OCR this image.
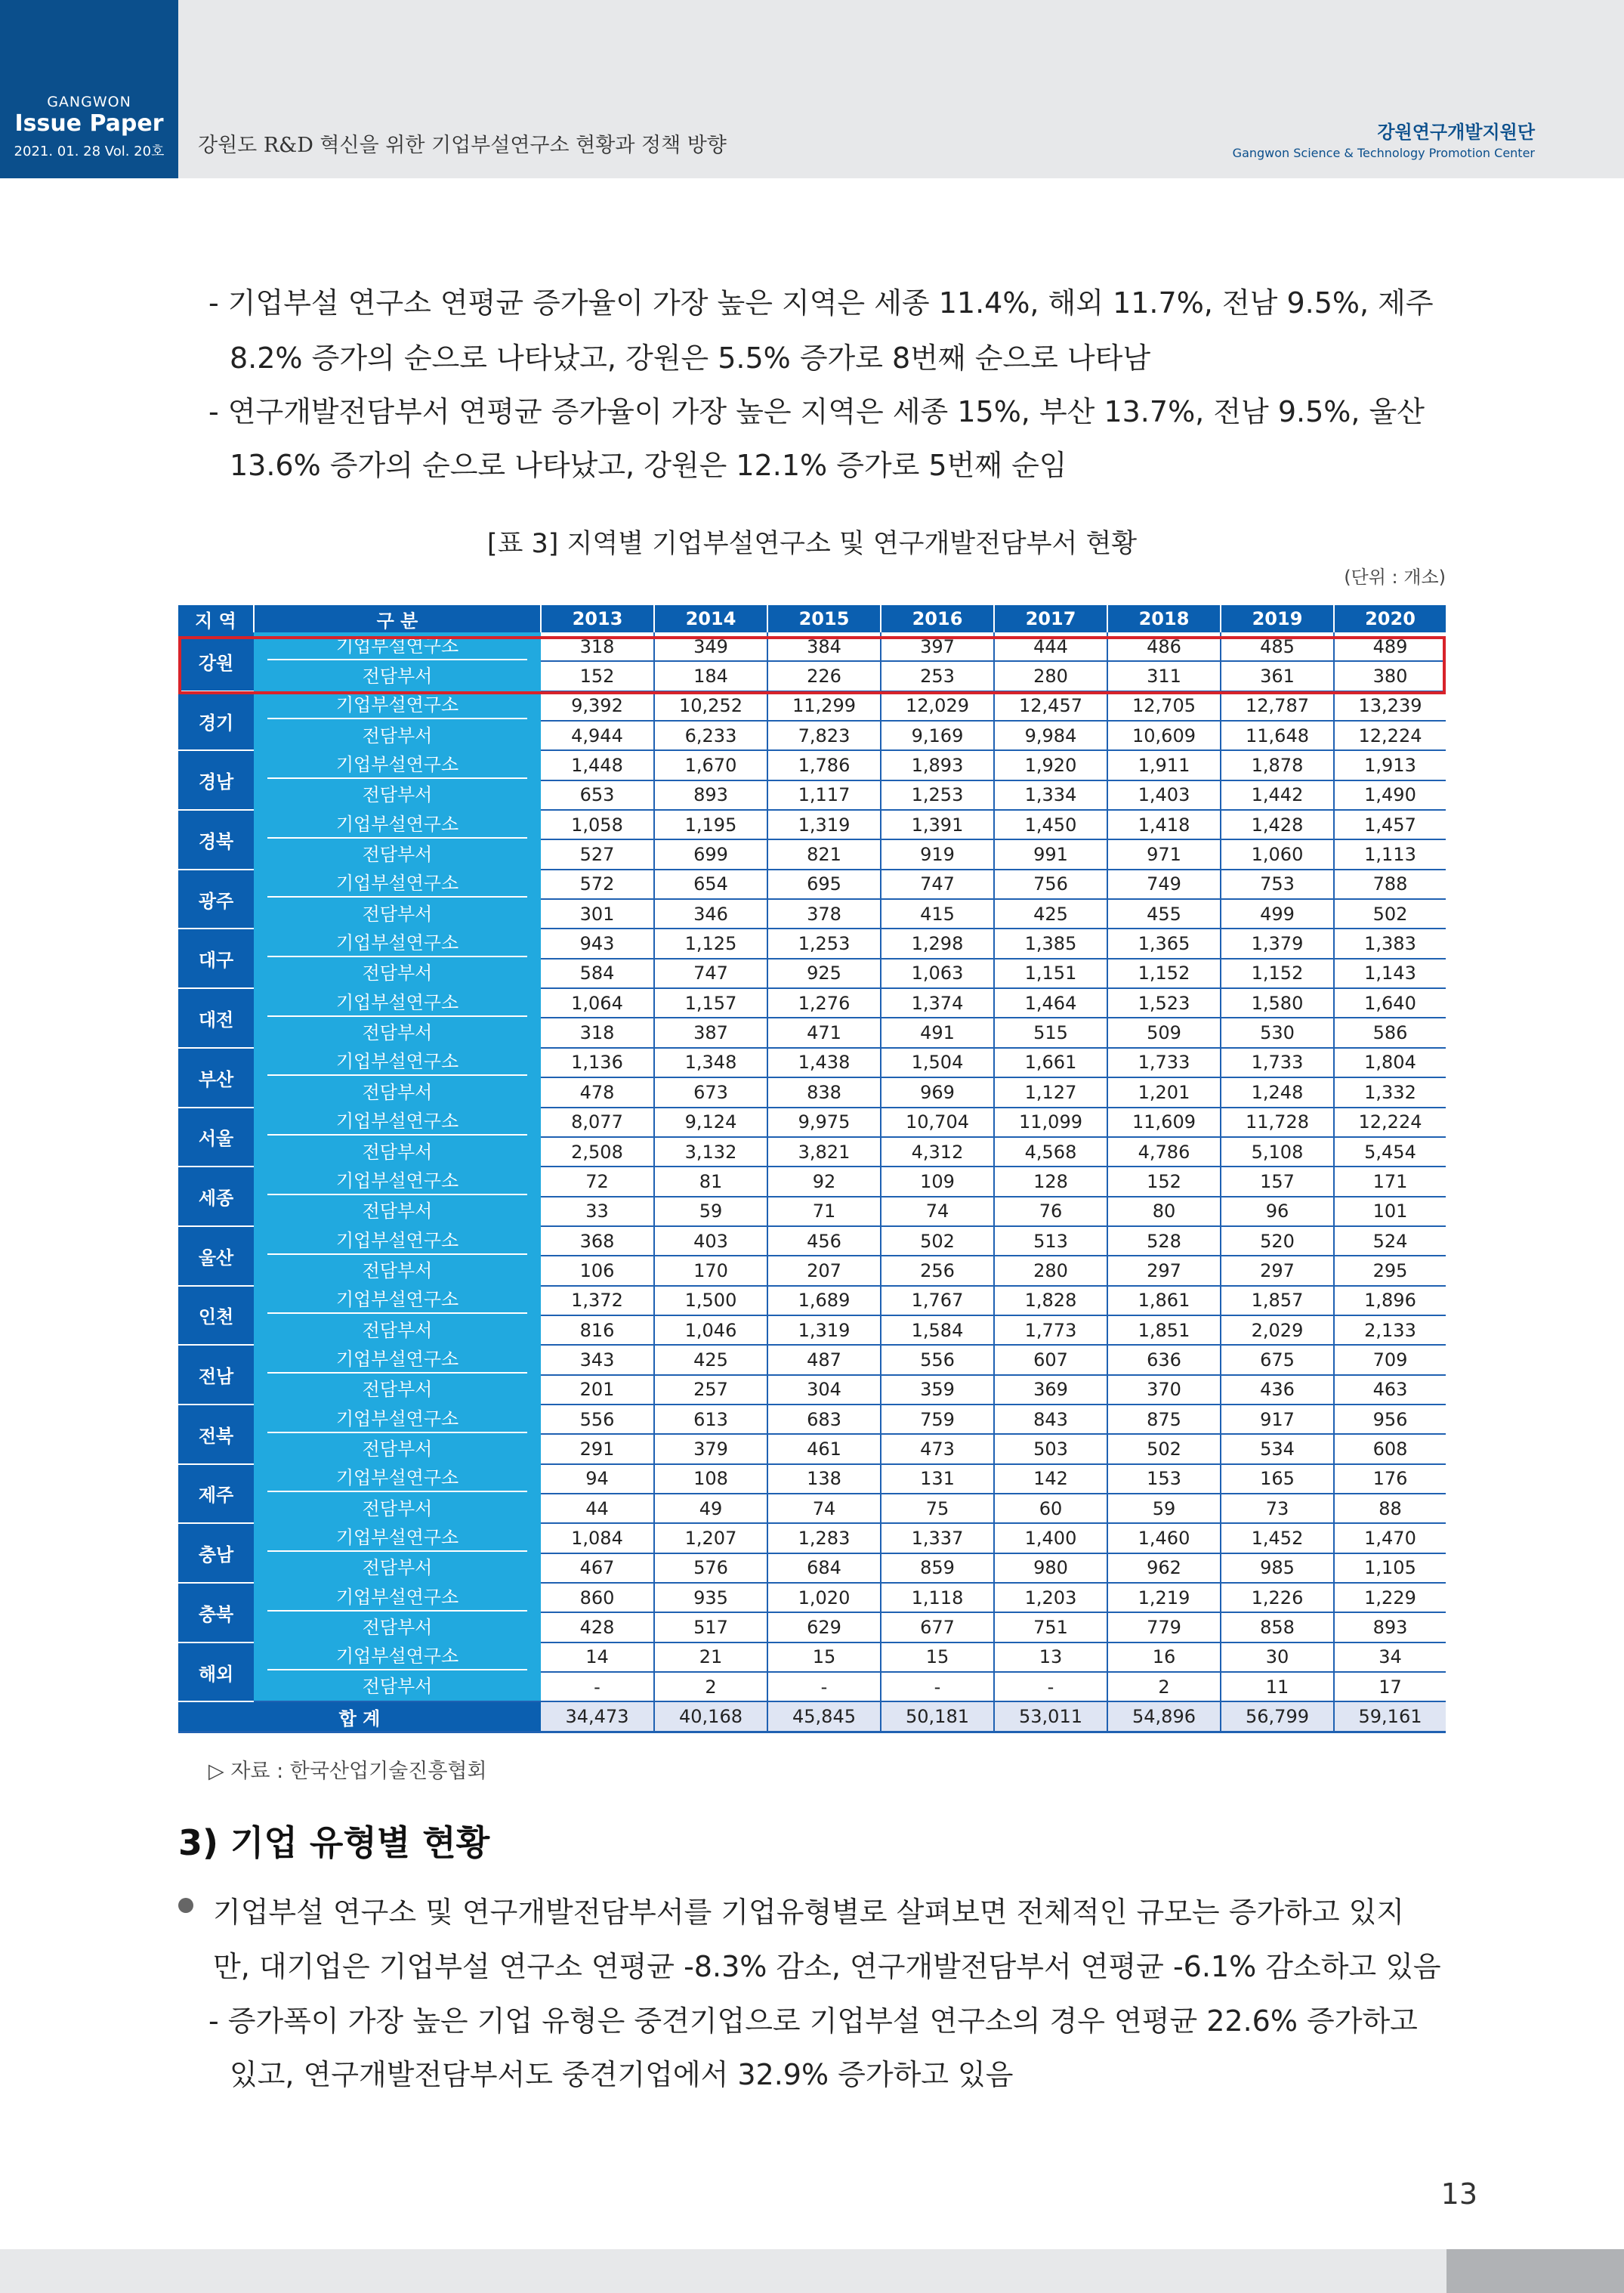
GANGWON
Issue Paper
2021. 01. 28 Vol. 20호	강원도 R&D 혁신을 위한 기업부설연구소 현황과 정책 방향
강원연구개발지원단
Gangwon Science & Technology Promotion Center
- 기업부설 연구소 연평균 증가율이 가장 높은 지역은 세종 11.4%, 해외 11.7%, 전남 9.5%, 제주
8.2% 증가의 순으로 나타났고, 강원은 5.5% 증가로 8번째 순으로 나타남
- 연구개발전담부서 연평균 증가율이 가장 높은 지역은 세종 15%, 부산 13.7%, 전남 9.5%, 울산
13.6% 증가의 순으로 나타났고, 강원은 12.1% 증가로 5번째 순임
[표 3] 지역별 기업부설연구소 및 연구개발전담부서 현황
(단위 : 개소)
지 역	구 분	2013	2014	2015	2016	2017	2018	2019	2020
강원	기업부설연구소	318	349	384	397	444	486	485	489

	전담부서	152	184	226	253	280	311	361	380
경기	기업부설연구소	9,392	10,252	11,299	12,029	12,457	12,705	12,787	13,239

	전담부서	4,944	6,233	7,823	9,169	9,984	10,609	11,648	12,224
경남	기업부설연구소	1,448	1,670	1,786	1,893	1,920	1,911	1,878	1,913

	전담부서	653	893	1,117	1,253	1,334	1,403	1,442	1,490
경북	기업부설연구소	1,058	1,195	1,319	1,391	1,450	1,418	1,428	1,457

	전담부서	527	699	821	919	991	971	1,060	1,113
광주	기업부설연구소	572	654	695	747	756	749	753	788

	전담부서	301	346	378	415	425	455	499	502
대구	기업부설연구소	943	1,125	1,253	1,298	1,385	1,365	1,379	1,383

	전담부서	584	747	925	1,063	1,151	1,152	1,152	1,143
대전	기업부설연구소	1,064	1,157	1,276	1,374	1,464	1,523	1,580	1,640

	전담부서	318	387	471	491	515	509	530	586
부산	기업부설연구소	1,136	1,348	1,438	1,504	1,661	1,733	1,733	1,804

	전담부서	478	673	838	969	1,127	1,201	1,248	1,332
서울	기업부설연구소	8,077	9,124	9,975	10,704	11,099	11,609	11,728	12,224

	전담부서	2,508	3,132	3,821	4,312	4,568	4,786	5,108	5,454
세종	기업부설연구소	72	81	92	109	128	152	157	171

	전담부서	33	59	71	74	76	80	96	101
울산	기업부설연구소	368	403	456	502	513	528	520	524

	전담부서	106	170	207	256	280	297	297	295
인천	기업부설연구소	1,372	1,500	1,689	1,767	1,828	1,861	1,857	1,896

	전담부서	816	1,046	1,319	1,584	1,773	1,851	2,029	2,133
전남	기업부설연구소	343	425	487	556	607	636	675	709

	전담부서	201	257	304	359	369	370	436	463
전북	기업부설연구소	556	613	683	759	843	875	917	956

	전담부서	291	379	461	473	503	502	534	608
제주	기업부설연구소	94	108	138	131	142	153	165	176

	전담부서	44	49	74	75	60	59	73	88
충남	기업부설연구소	1,084	1,207	1,283	1,337	1,400	1,460	1,452	1,470

	전담부서	467	576	684	859	980	962	985	1,105
충북	기업부설연구소	860	935	1,020	1,118	1,203	1,219	1,226	1,229

	전담부서	428	517	629	677	751	779	858	893
해외	기업부설연구소	14	21	15	15	13	16	30	34

	전담부서	-	2	-	-	-	2	11	17
합 계		34,473	40,168	45,845	50,181	53,011	54,896	56,799	59,161
▷ 자료 : 한국산업기술진흥협회
3) 기업 유형별 현황
기업부설 연구소 및 연구개발전담부서를 기업유형별로 살펴보면 전체적인 규모는 증가하고 있지
만, 대기업은 기업부설 연구소 연평균 -8.3% 감소, 연구개발전담부서 연평균 -6.1% 감소하고 있음
- 증가폭이 가장 높은 기업 유형은 중견기업으로 기업부설 연구소의 경우 연평균 22.6% 증가하고
있고, 연구개발전담부서도 중견기업에서 32.9% 증가하고 있음
13
